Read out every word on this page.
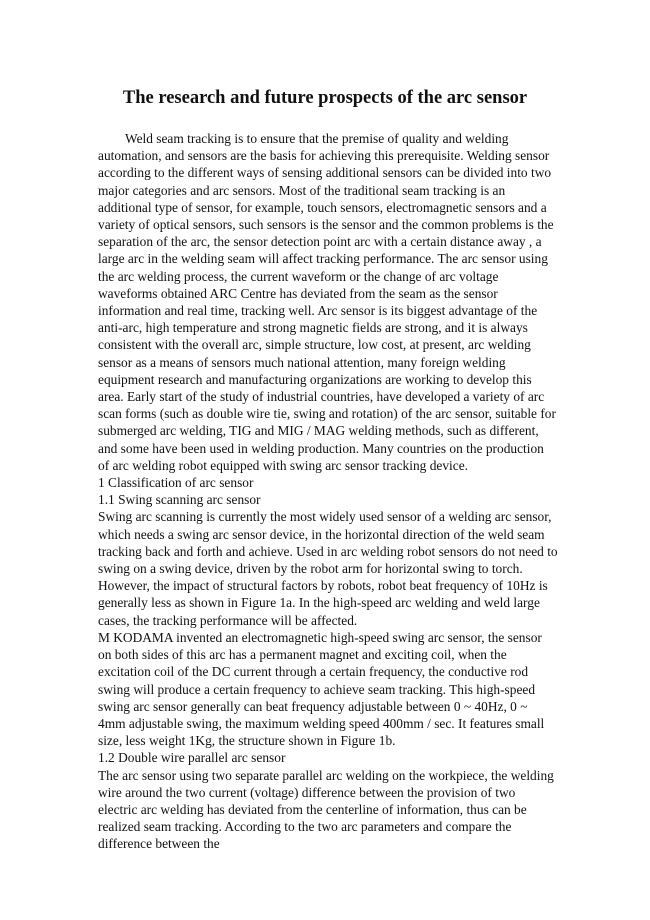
The research and future prospects of the arc sensor

Weld seam tracking is to ensure that the premise of quality and welding automation, and sensors are the basis for achieving this prerequisite. Welding sensor according to the different ways of sensing additional sensors can be divided into two major categories and arc sensors. Most of the traditional seam tracking is an additional type of sensor, for example, touch sensors, electromagnetic sensors and a variety of optical sensors, such sensors is the sensor and the common problems is the separation of the arc, the sensor detection point arc with a certain distance away , a large arc in the welding seam will affect tracking performance. The arc sensor using the arc welding process, the current waveform or the change of arc voltage waveforms obtained ARC Centre has deviated from the seam as the sensor information and real time, tracking well. Arc sensor is its biggest advantage of the anti-arc, high temperature and strong magnetic fields are strong, and it is always consistent with the overall arc, simple structure, low cost, at present, arc welding sensor as a means of sensors much national attention, many foreign welding equipment research and manufacturing organizations are working to develop this area. Early start of the study of industrial countries, have developed a variety of arc scan forms (such as double wire tie, swing and rotation) of the arc sensor, suitable for submerged arc welding, TIG and MIG / MAG welding methods, such as different, and some have been used in welding production. Many countries on the production of arc welding robot equipped with swing arc sensor tracking device.

1 Classification of arc sensor

1.1 Swing scanning arc sensor

Swing arc scanning is currently the most widely used sensor of a welding arc sensor, which needs a swing arc sensor device, in the horizontal direction of the weld seam tracking back and forth and achieve. Used in arc welding robot sensors do not need to swing on a swing device, driven by the robot arm for horizontal swing to torch. However, the impact of structural factors by robots, robot beat frequency of 10Hz is generally less as shown in Figure 1a. In the high-speed arc welding and weld large cases, the tracking performance will be affected.

M KODAMA invented an electromagnetic high-speed swing arc sensor, the sensor on both sides of this arc has a permanent magnet and exciting coil, when the excitation coil of the DC current through a certain frequency, the conductive rod swing will produce a certain frequency to achieve seam tracking. This high-speed swing arc sensor generally can beat frequency adjustable between 0 ~ 40Hz, 0 ~ 4mm adjustable swing, the maximum welding speed 400mm / sec. It features small size, less weight 1Kg, the structure shown in Figure 1b.

1.2 Double wire parallel arc sensor

The arc sensor using two separate parallel arc welding on the workpiece, the welding wire around the two current (voltage) difference between the provision of two electric arc welding has deviated from the centerline of information, thus can be realized seam tracking. According to the two arc parameters and compare the difference between the
